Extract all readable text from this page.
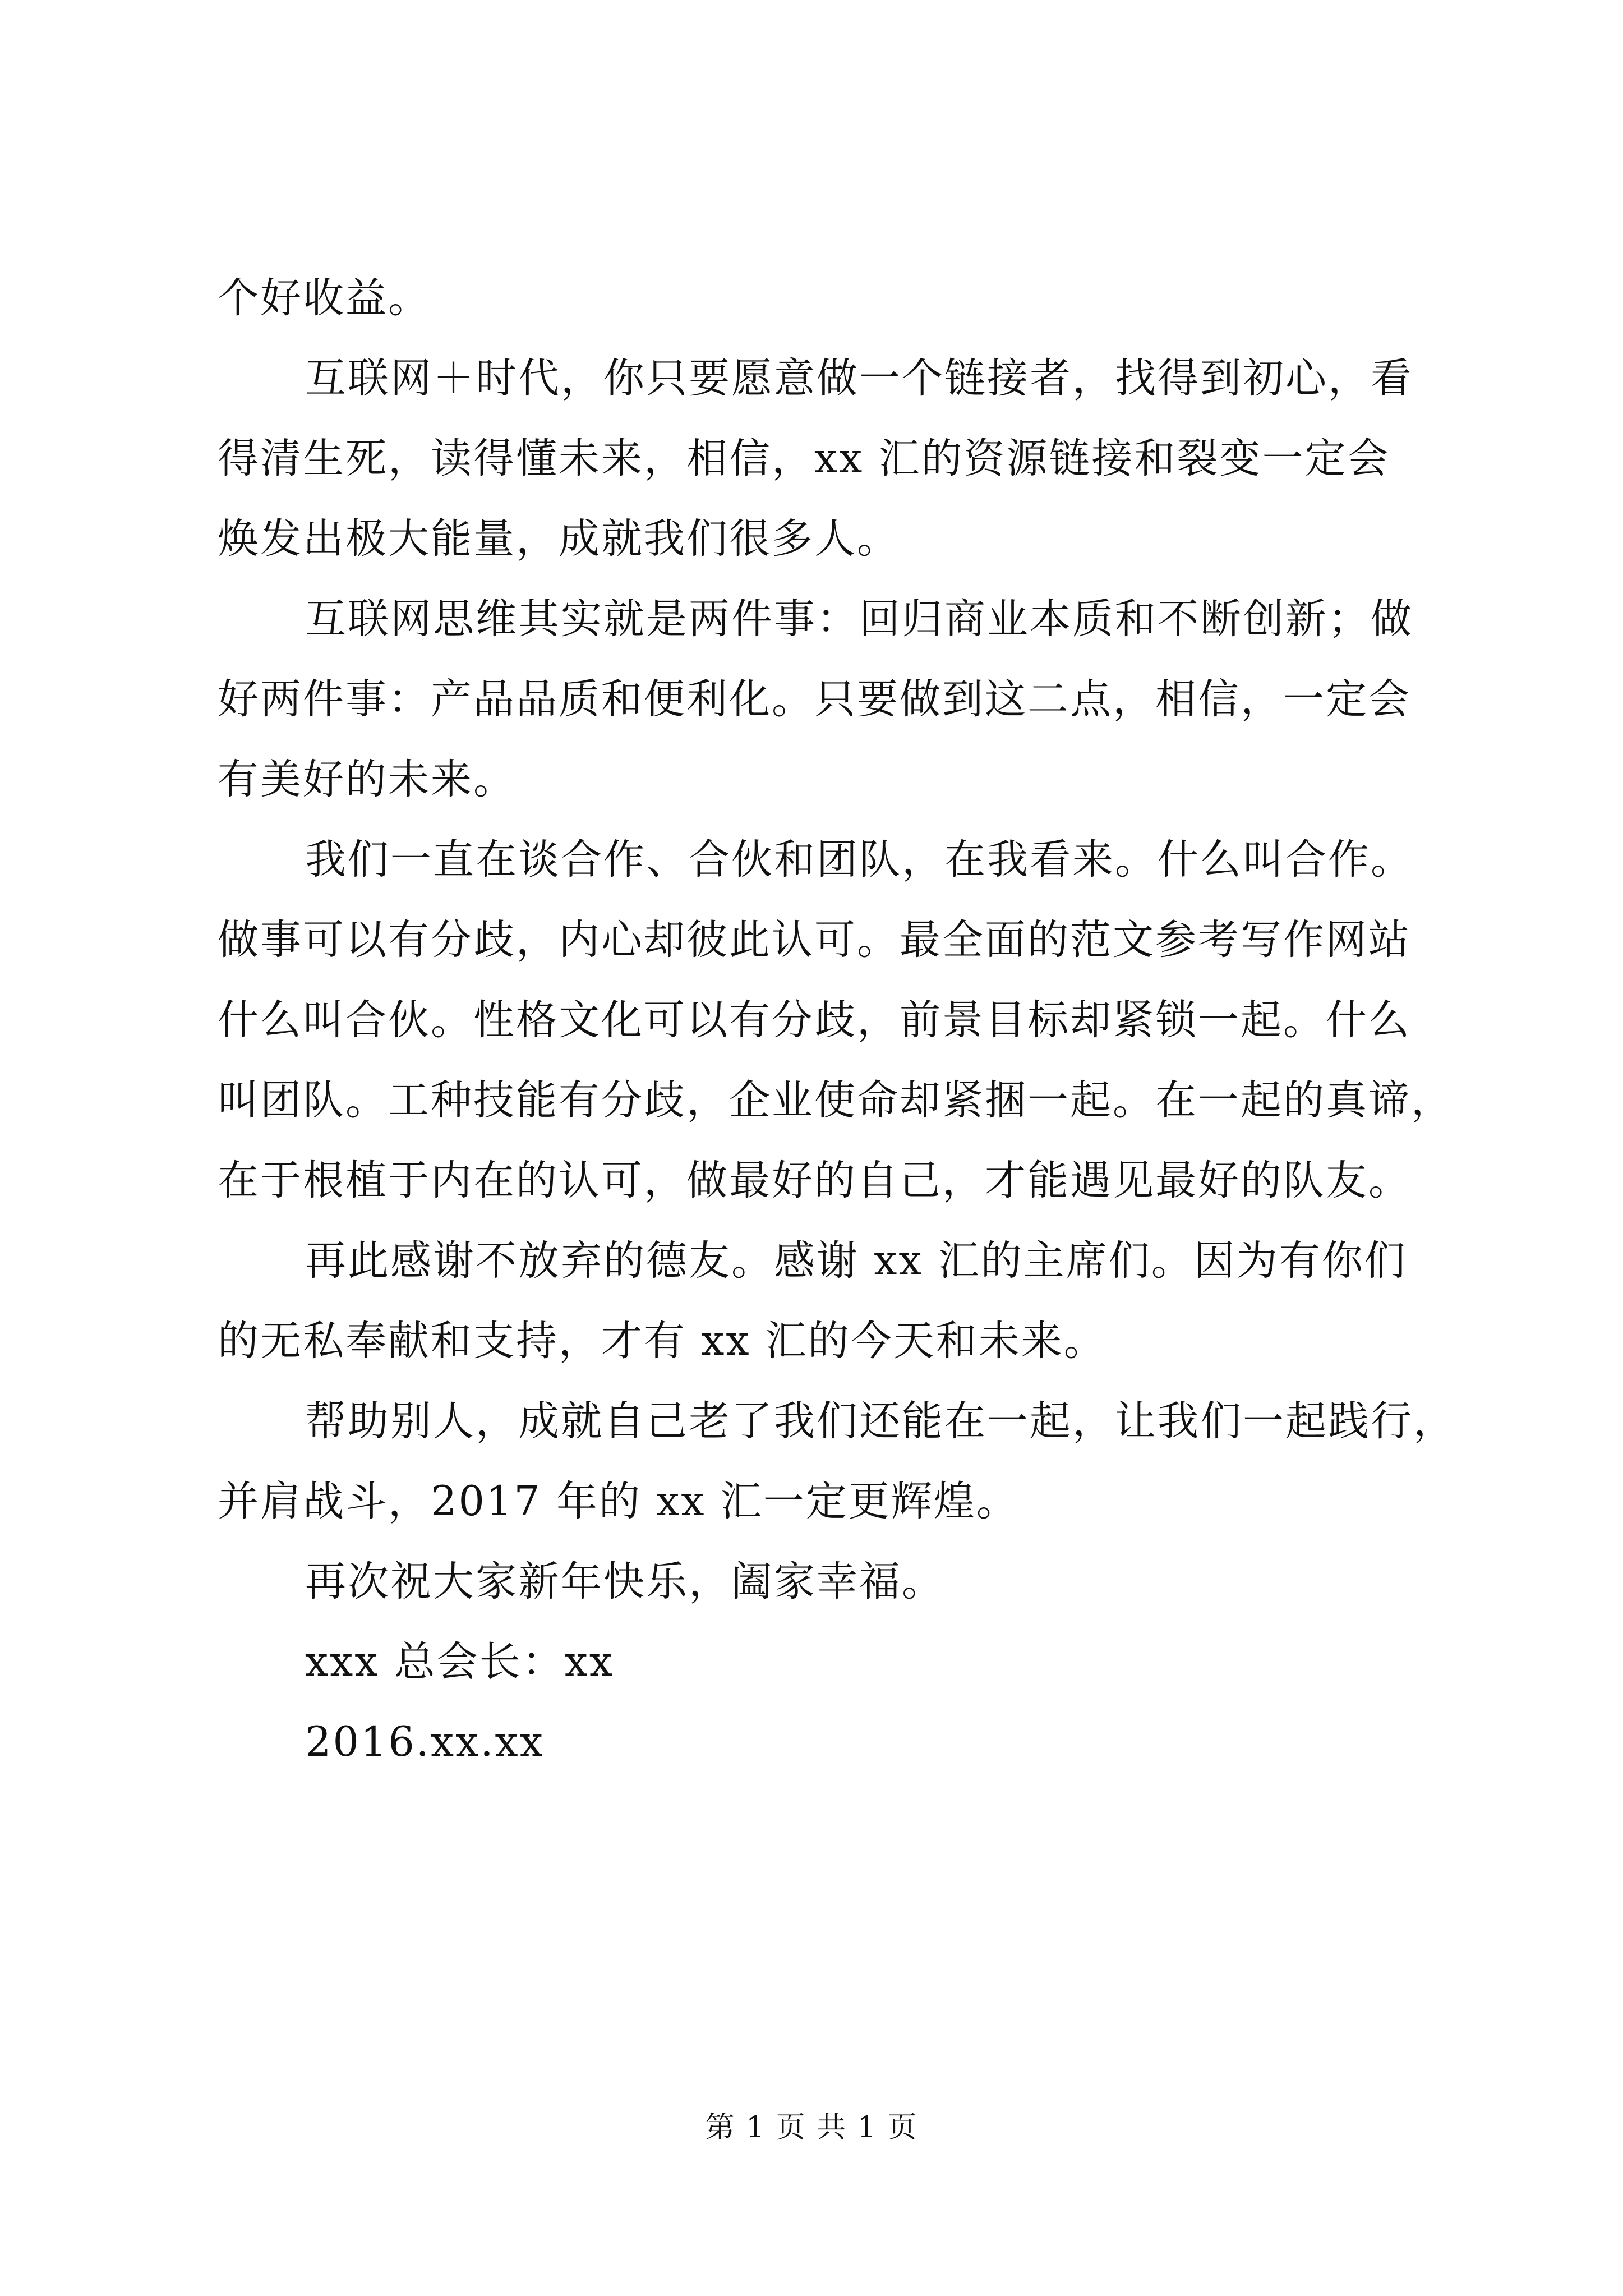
个好收益。

互联网＋时代，你只要愿意做一个链接者，找得到初心，看

得清生死，读得懂未来，相信，xx 汇的资源链接和裂变一定会

焕发出极大能量，成就我们很多人。

互联网思维其实就是两件事：回归商业本质和不断创新；做

好两件事：产品品质和便利化。只要做到这二点，相信，一定会

有美好的未来。

我们一直在谈合作、合伙和团队，在我看来。什么叫合作。

做事可以有分歧，内心却彼此认可。最全面的范文参考写作网站

什么叫合伙。性格文化可以有分歧，前景目标却紧锁一起。什么

叫团队。工种技能有分歧，企业使命却紧捆一起。在一起的真谛，

在于根植于内在的认可，做最好的自己，才能遇见最好的队友。

再此感谢不放弃的德友。感谢 xx 汇的主席们。因为有你们

的无私奉献和支持，才有 xx 汇的今天和未来。

帮助别人，成就自己老了我们还能在一起，让我们一起践行，

并肩战斗，2017 年的 xx 汇一定更辉煌。

再次祝大家新年快乐，阖家幸福。

xxx 总会长：xx

2016.xx.xx

第 1 页 共 1 页
